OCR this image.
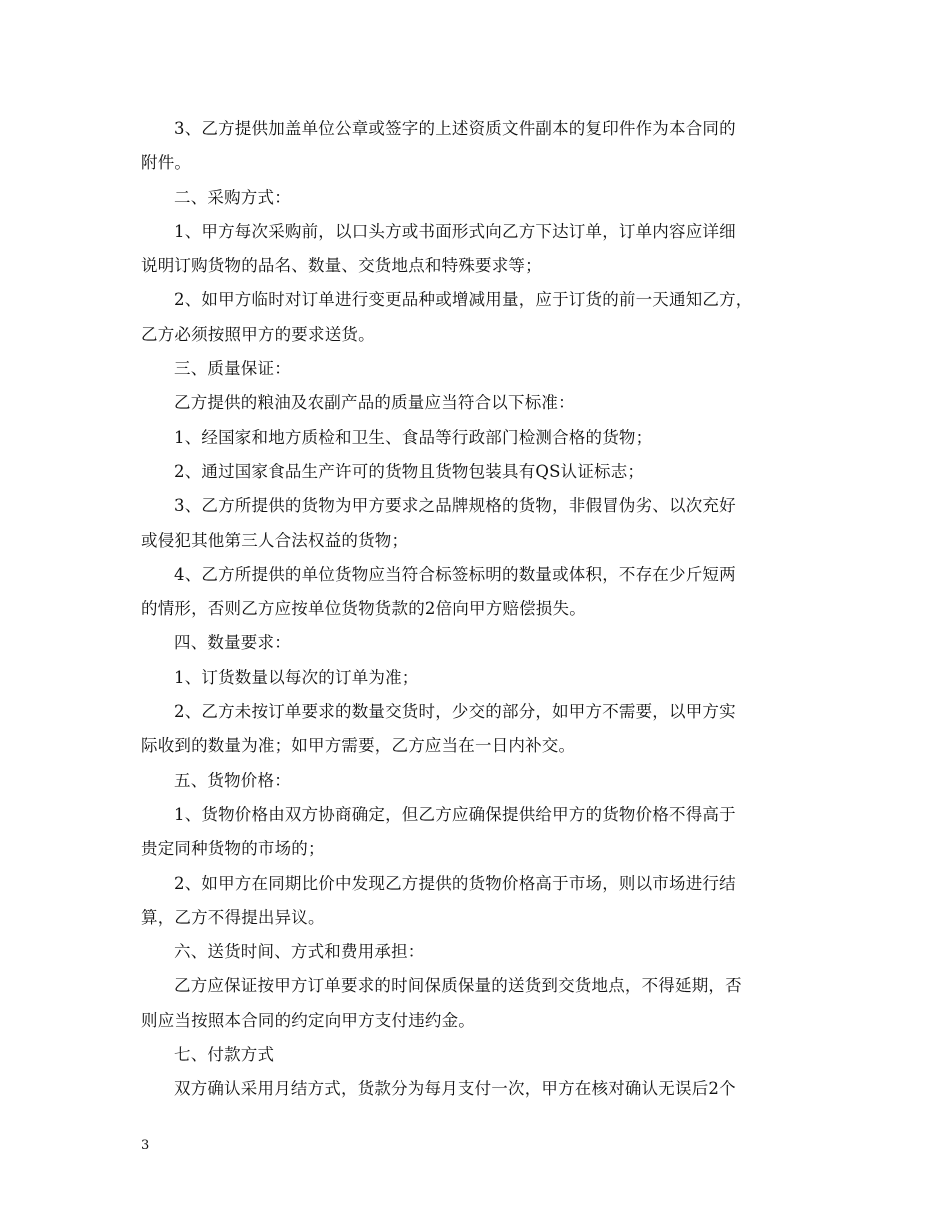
3、乙方提供加盖单位公章或签字的上述资质文件副本的复印件作为本合同的
附件。
二、采购方式：
1、甲方每次采购前，以口头方或书面形式向乙方下达订单，订单内容应详细
说明订购货物的品名、数量、交货地点和特殊要求等；
2、如甲方临时对订单进行变更品种或增减用量，应于订货的前一天通知乙方，
乙方必须按照甲方的要求送货。
三、质量保证：
乙方提供的粮油及农副产品的质量应当符合以下标准：
1、经国家和地方质检和卫生、食品等行政部门检测合格的货物；
2、通过国家食品生产许可的货物且货物包装具有QS认证标志；
3、乙方所提供的货物为甲方要求之品牌规格的货物，非假冒伪劣、以次充好
或侵犯其他第三人合法权益的货物；
4、乙方所提供的单位货物应当符合标签标明的数量或体积，不存在少斤短两
的情形，否则乙方应按单位货物货款的2倍向甲方赔偿损失。
四、数量要求：
1、订货数量以每次的订单为准；
2、乙方未按订单要求的数量交货时，少交的部分，如甲方不需要，以甲方实
际收到的数量为准；如甲方需要，乙方应当在一日内补交。
五、货物价格：
1、货物价格由双方协商确定，但乙方应确保提供给甲方的货物价格不得高于
贵定同种货物的市场的；
2、如甲方在同期比价中发现乙方提供的货物价格高于市场，则以市场进行结
算，乙方不得提出异议。
六、送货时间、方式和费用承担：
乙方应保证按甲方订单要求的时间保质保量的送货到交货地点，不得延期，否
则应当按照本合同的约定向甲方支付违约金。
七、付款方式
双方确认采用月结方式，货款分为每月支付一次，甲方在核对确认无误后2个
3
